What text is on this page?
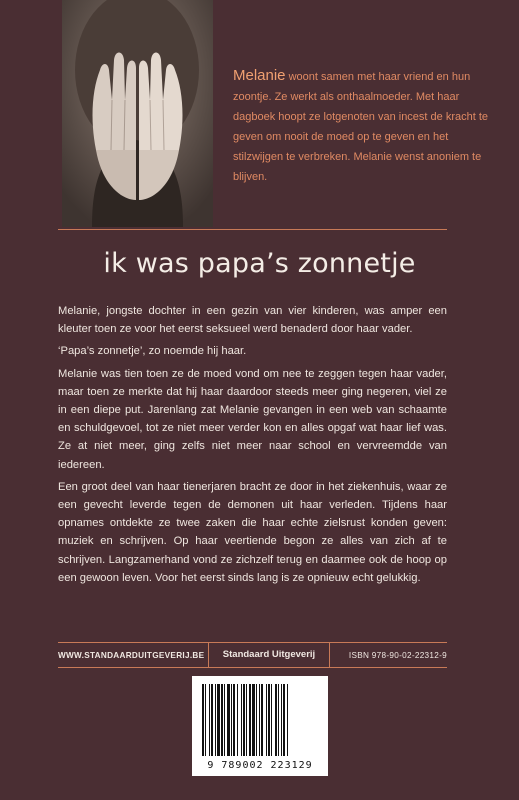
Melanie woont samen met haar vriend en hun zoontje. Ze werkt als onthaalmoeder. Met haar dagboek hoopt ze lotgenoten van incest de kracht te geven om nooit de moed op te geven en het stilzwijgen te verbreken. Melanie wenst anoniem te blijven.
ik was papa’s zonnetje

Melanie, jongste dochter in een gezin van vier kinderen, was amper een kleuter toen ze voor het eerst seksueel werd benaderd door haar vader.

‘Papa’s zonnetje’, zo noemde hij haar.

Melanie was tien toen ze de moed vond om nee te zeggen tegen haar vader, maar toen ze merkte dat hij haar daardoor steeds meer ging negeren, viel ze in een diepe put. Jarenlang zat Melanie gevangen in een web van schaamte en schuldgevoel, tot ze niet meer verder kon en alles opgaf wat haar lief was. Ze at niet meer, ging zelfs niet meer naar school en vervreemdde van iedereen.

Een groot deel van haar tienerjaren bracht ze door in het ziekenhuis, waar ze een gevecht leverde tegen de demonen uit haar verleden. Tijdens haar opnames ontdekte ze twee zaken die haar echte zielsrust konden geven: muziek en schrijven. Op haar veertiende begon ze alles van zich af te schrijven. Langzamerhand vond ze zichzelf terug en daarmee ook de hoop op een gewoon leven. Voor het eerst sinds lang is ze opnieuw echt gelukkig.

WWW.STANDAARDUITGEVERIJ.BE	Standaard Uitgeverij	ISBN 978-90-02-22312-9
9 789002 223129
